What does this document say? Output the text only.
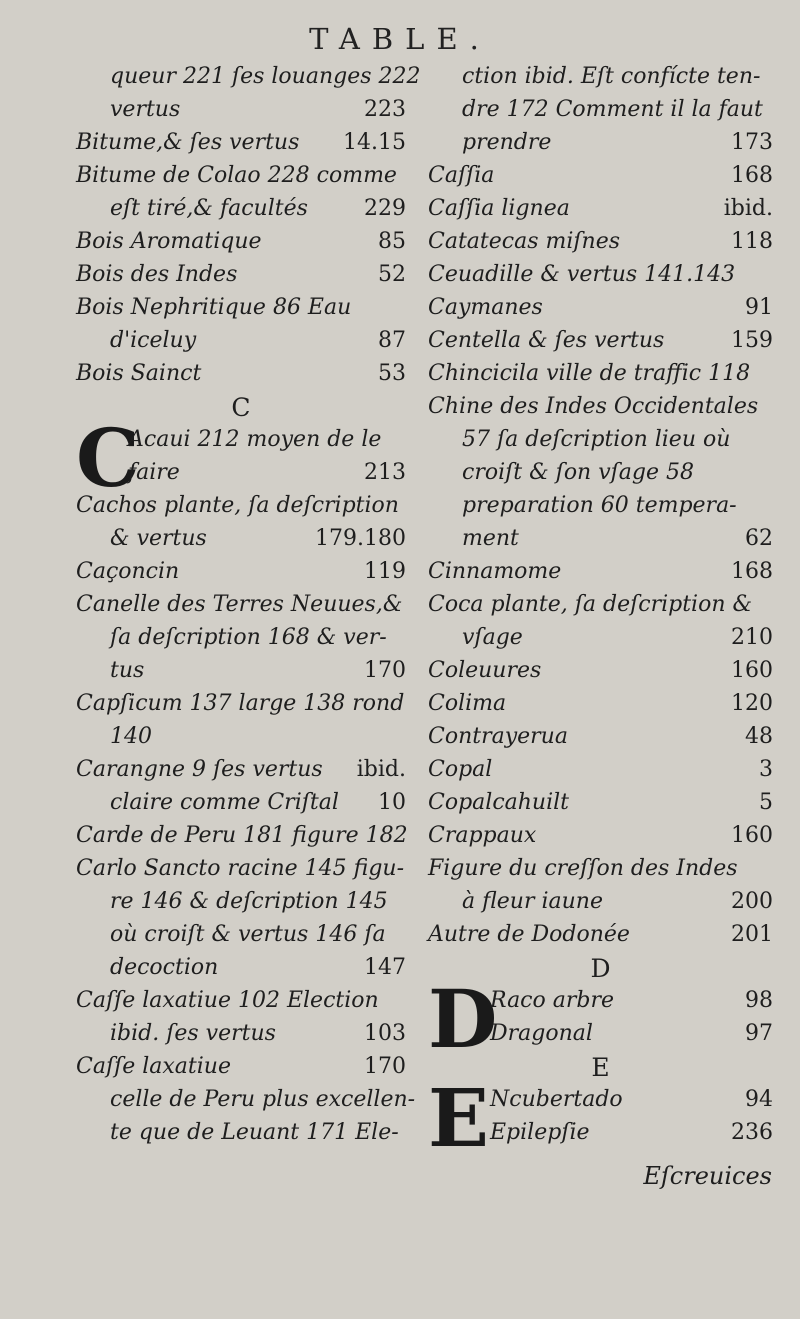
TABLE.
queur 221 ſes louanges 222
vertus	223
Bitume,& ſes vertus 14.15
Bitume de Colao 228 comme
eſt tiré,& facultés	229
Bois Aromatique	85
Bois des Indes	52
Bois Nephritique 86 Eau
d'iceluy	87
Bois Sainct	53
C
C
Acaui 212 moyen de le
faire	213
Cachos plante, ſa deſcription
& vertus	179.180
Caçoncin	119
Canelle des Terres Neuues,&
ſa deſcription 168 & ver-
tus	170
Capſicum 137 large 138 rond
140
Carangne 9 ſes vertus ibid.
claire comme Criſtal 10
Carde de Peru 181 figure 182
Carlo Sancto racine 145 figu-
re 146 & deſcription 145
où croiſt & vertus 146 ſa
decoction	147
Caſſe laxatiue 102 Election
ibid. ſes vertus	103
Caſſe laxatiue	170
celle de Peru plus excellen-
te que de Leuant 171 Ele-
ction ibid. Eſt confícte ten-
dre 172 Comment il la faut
prendre	173
Caſſia	168
Caſſia lignea	ibid.
Catatecas miſnes	118
Ceuadille & vertus 141.143
Caymanes	91
Centella & ſes vertus	159
Chincicila ville de traffic 118
Chine des Indes Occidentales
57 ſa deſcription lieu où
croiſt & ſon vſage 58
preparation 60 tempera-
ment	62
Cinnamome	168
Coca plante, ſa deſcription &
vſage	210
Coleuures	160
Colima	120
Contrayerua	48
Copal	3
Copalcahuilt	5
Crappaux	160
Figure du creſſon des Indes
à fleur iaune	200
Autre de Dodonée	201
D
D
Raco arbre	98
Dragonal	97
E
E Ncubertado	94
Epilepſie	236
Eſcreuices
